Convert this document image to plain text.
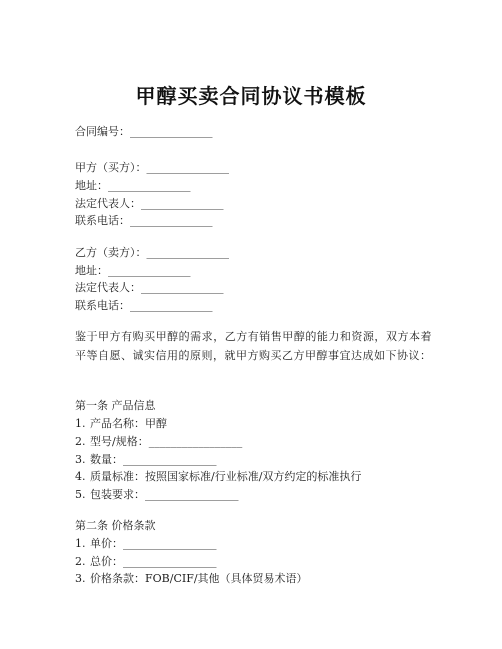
甲醇买卖合同协议书模板
合同编号：_______________
甲方（买方）：_______________
地址：_______________
法定代表人：_______________
联系电话：_______________
乙方（卖方）：_______________
地址：_______________
法定代表人：_______________
联系电话：_______________
鉴于甲方有购买甲醇的需求，乙方有销售甲醇的能力和资源，双方本着平等自愿、诚实信用的原则，就甲方购买乙方甲醇事宜达成如下协议：
第一条 产品信息
1. 产品名称：甲醇
2. 型号/规格：_________________
3. 数量：_________________
4. 质量标准：按照国家标准/行业标准/双方约定的标准执行
5. 包装要求：_________________
第二条 价格条款
1. 单价：_________________
2. 总价：_________________
3. 价格条款：FOB/CIF/其他（具体贸易术语）
